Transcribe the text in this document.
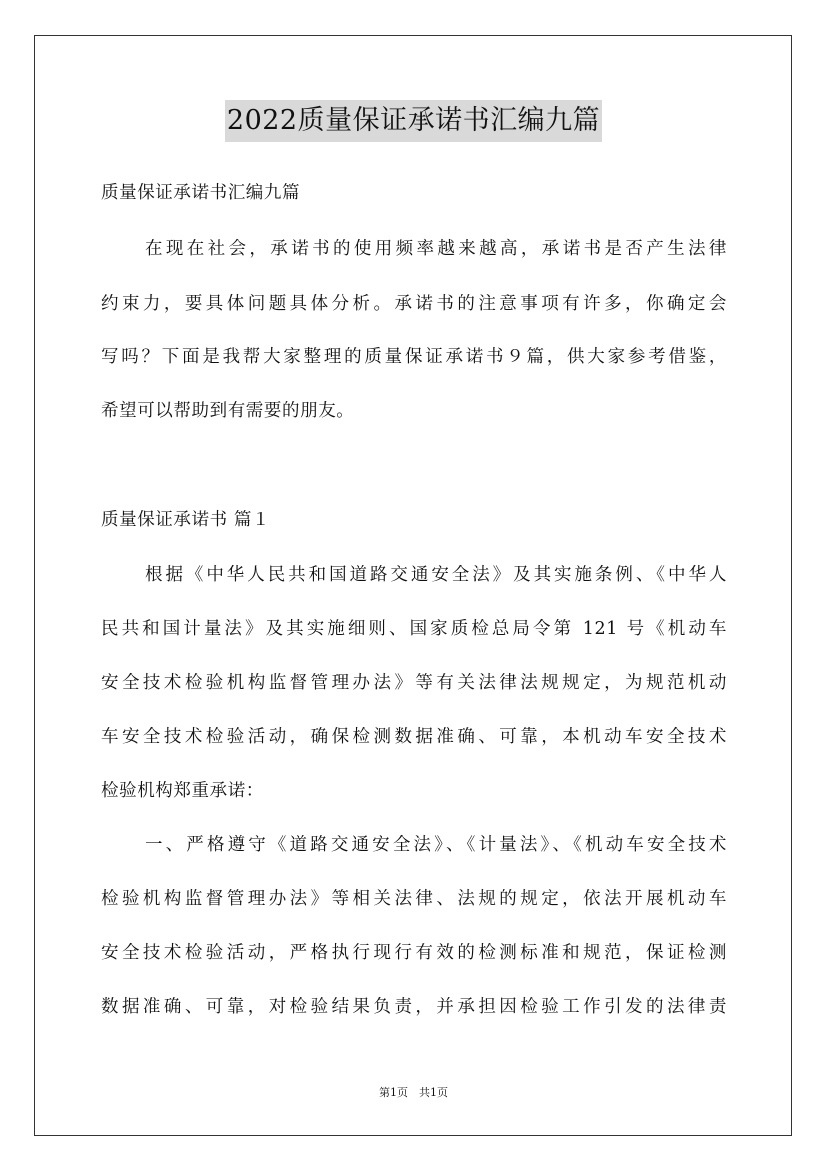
2022质量保证承诺书汇编九篇
质量保证承诺书汇编九篇
在现在社会，承诺书的使用频率越来越高，承诺书是否产生法律
约束力，要具体问题具体分析。承诺书的注意事项有许多，你确定会
写吗？下面是我帮大家整理的质量保证承诺书９篇，供大家参考借鉴，
希望可以帮助到有需要的朋友。
质量保证承诺书 篇１
根据《中华人民共和国道路交通安全法》及其实施条例、《中华人
民共和国计量法》及其实施细则、国家质检总局令第 121 号《机动车
安全技术检验机构监督管理办法》等有关法律法规规定，为规范机动
车安全技术检验活动，确保检测数据准确、可靠，本机动车安全技术
检验机构郑重承诺：
一、严格遵守《道路交通安全法》、《计量法》、《机动车安全技术
检验机构监督管理办法》等相关法律、法规的规定，依法开展机动车
安全技术检验活动，严格执行现行有效的检测标准和规范，保证检测
数据准确、可靠，对检验结果负责，并承担因检验工作引发的法律责
第1页　共1页
